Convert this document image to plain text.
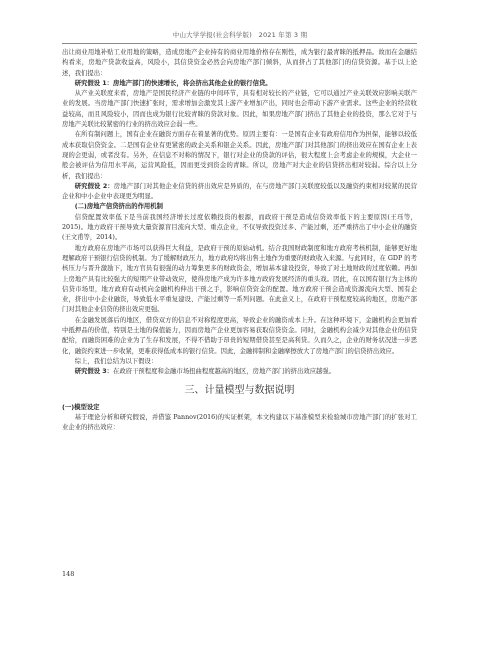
中山大学学报(社会科学版)　2021 年第 3 期

出让商业用地补贴工业用地的策略，造成房地产企业持有的商业用地价格存在刚性，成为银行最青睐的抵押品。故而在金融结构看来，房地产贷款收益高，风险小，其信贷资金必然会向房地产部门倾斜，从而挤占了其他部门的信贷资源。基于以上论述，我们提出：

研究假设 1：房地产部门的快速增长，将会挤出其他企业的银行信贷。

从产业关联度来看，房地产是国民经济产业链的中间环节，具有相对较长的产业链，它可以通过产业关联效应影响关联产业的发展。当房地产部门快速扩张时，需求增加会激发其上游产业增加产出，同时也会带动下游产业需求。这些企业的经营收益较高，而且风险较小，因而也成为银行比较青睐的贷款对象。因此，如果房地产部门挤出了其他企业的投资，那么它对于与房地产关联比较紧密的行业的挤出效应会弱一些。

在所有制问题上，国有企业在融资方面存在着显著的优势。原因主要有：一是国有企业有政府信用作为担保，能够以较低成本获取信贷资金。二是国有企业有更紧密的政企关系和银企关系。因此，房地产部门对其他部门的挤出效应在国有企业上表现的会更弱，或者没有。另外，在信息不对称的情况下，银行对企业的贷款的评估，很大程度上会考虑企业的规模，大企业一般会被评估为信用水平高，运营风险低，因而更受到资金的青睐。所以，房地产对大企业的信贷挤出相对较弱。综合以上分析，我们提出：

研究假设 2：房地产部门对其他企业信贷的挤出效应是异质的，在与房地产部门关联度较低以及融资约束相对较紧的民营企业和中小企业中表现更为明显。

(二)房地产信贷挤出的作用机制

信贷配置效率低下是当前我国经济增长过度依赖投资的根源，而政府干预是造成信贷效率低下的主要原因(王珏等，2015)。地方政府干预导致大量资源盲目流向大型、重点企业，不仅导致投资过多、产能过剩，还严重挤出了中小企业的融资(王文甫等，2014)。

地方政府在房地产市场可以获得巨大利益，是政府干预的原始动机。结合我国财政制度和地方政府考核机制，能够更好地理解政府干预银行信贷的机制。为了缓解财政压力，地方政府均将出售土地作为重要的财政收入来源。与此同时，在 GDP 的考核压力与晋升激励下，地方官员有很强的动力筹集更多的财政资金，增加基本建设投资，导致了对土地财政的过度依赖。再加上房地产具有比较强大的短期产业带动效应，使得房地产成为许多地方政府发展经济的重头戏。因此，在以国有银行为主体的信贷市场里，地方政府有动机向金融机构伸出干预之手，影响信贷资金的配置。地方政府干预会造成资源流向大型、国有企业，挤出中小企业融资，导致低水平重复建设、产能过剩等一系列问题。在此意义上，在政府干预程度较高的地区，房地产部门对其他企业信贷的挤出效应更强。

在金融发展落后的地区，借贷双方的信息不对称程度更高，导致企业的融资成本上升。在这种环境下，金融机构会更加看中抵押品的价值，特别是土地的保值能力，因而房地产企业更加容易获取信贷资金。同时，金融机构会减少对其他企业的信贷配给，而融资困难的企业为了生存和发展，不得不借助于昂贵的短期借贷甚至是高利贷。久而久之，企业的财务状况进一步恶化，融资约束进一步收紧，更难获得低成本的银行信贷。因此，金融抑制和金融摩擦放大了房地产部门的信贷挤出效应。

综上，我们总结为以下假设：

研究假设 3：在政府干预程度和金融市场扭曲程度越高的地区，房地产部门的挤出效应越强。

三、计量模型与数据说明

(一)模型设定

基于理论分析和研究假说，并借鉴 Pannov(2016)的实证框架，本文构建以下基准模型来检验城市房地产部门的扩张对工业企业的挤出效应：

148
